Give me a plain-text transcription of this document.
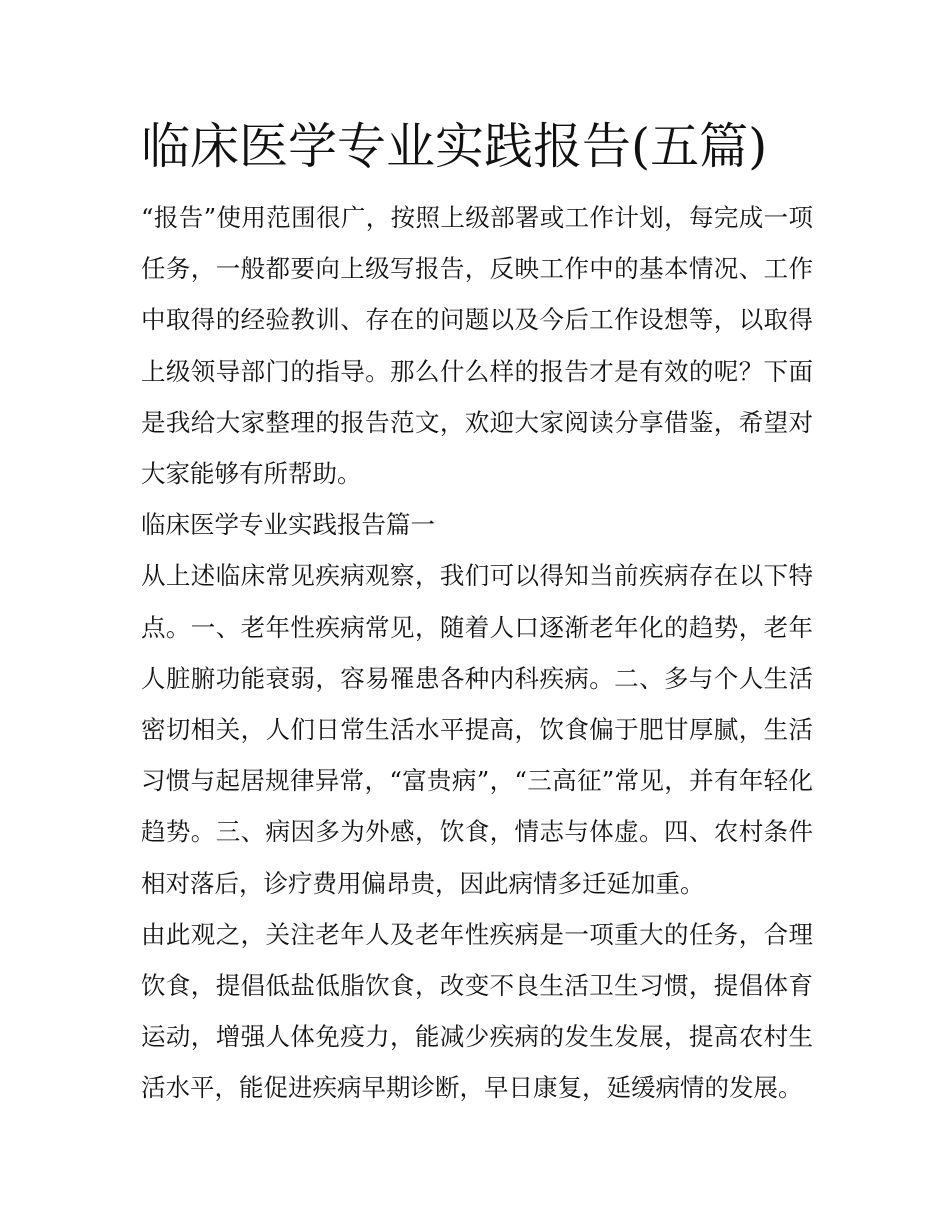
临床医学专业实践报告(五篇)

“报告”使用范围很广，按照上级部署或工作计划，每完成一项任务，一般都要向上级写报告，反映工作中的基本情况、工作中取得的经验教训、存在的问题以及今后工作设想等，以取得上级领导部门的指导。那么什么样的报告才是有效的呢？下面是我给大家整理的报告范文，欢迎大家阅读分享借鉴，希望对大家能够有所帮助。

临床医学专业实践报告篇一

从上述临床常见疾病观察，我们可以得知当前疾病存在以下特点。一、老年性疾病常见，随着人口逐渐老年化的趋势，老年人脏腑功能衰弱，容易罹患各种内科疾病。二、多与个人生活密切相关，人们日常生活水平提高，饮食偏于肥甘厚腻，生活习惯与起居规律异常，“富贵病”，“三高征”常见，并有年轻化趋势。三、病因多为外感，饮食，情志与体虚。四、农村条件相对落后，诊疗费用偏昂贵，因此病情多迁延加重。

由此观之，关注老年人及老年性疾病是一项重大的任务，合理饮食，提倡低盐低脂饮食，改变不良生活卫生习惯，提倡体育运动，增强人体免疫力，能减少疾病的发生发展，提高农村生活水平，能促进疾病早期诊断，早日康复，延缓病情的发展。
